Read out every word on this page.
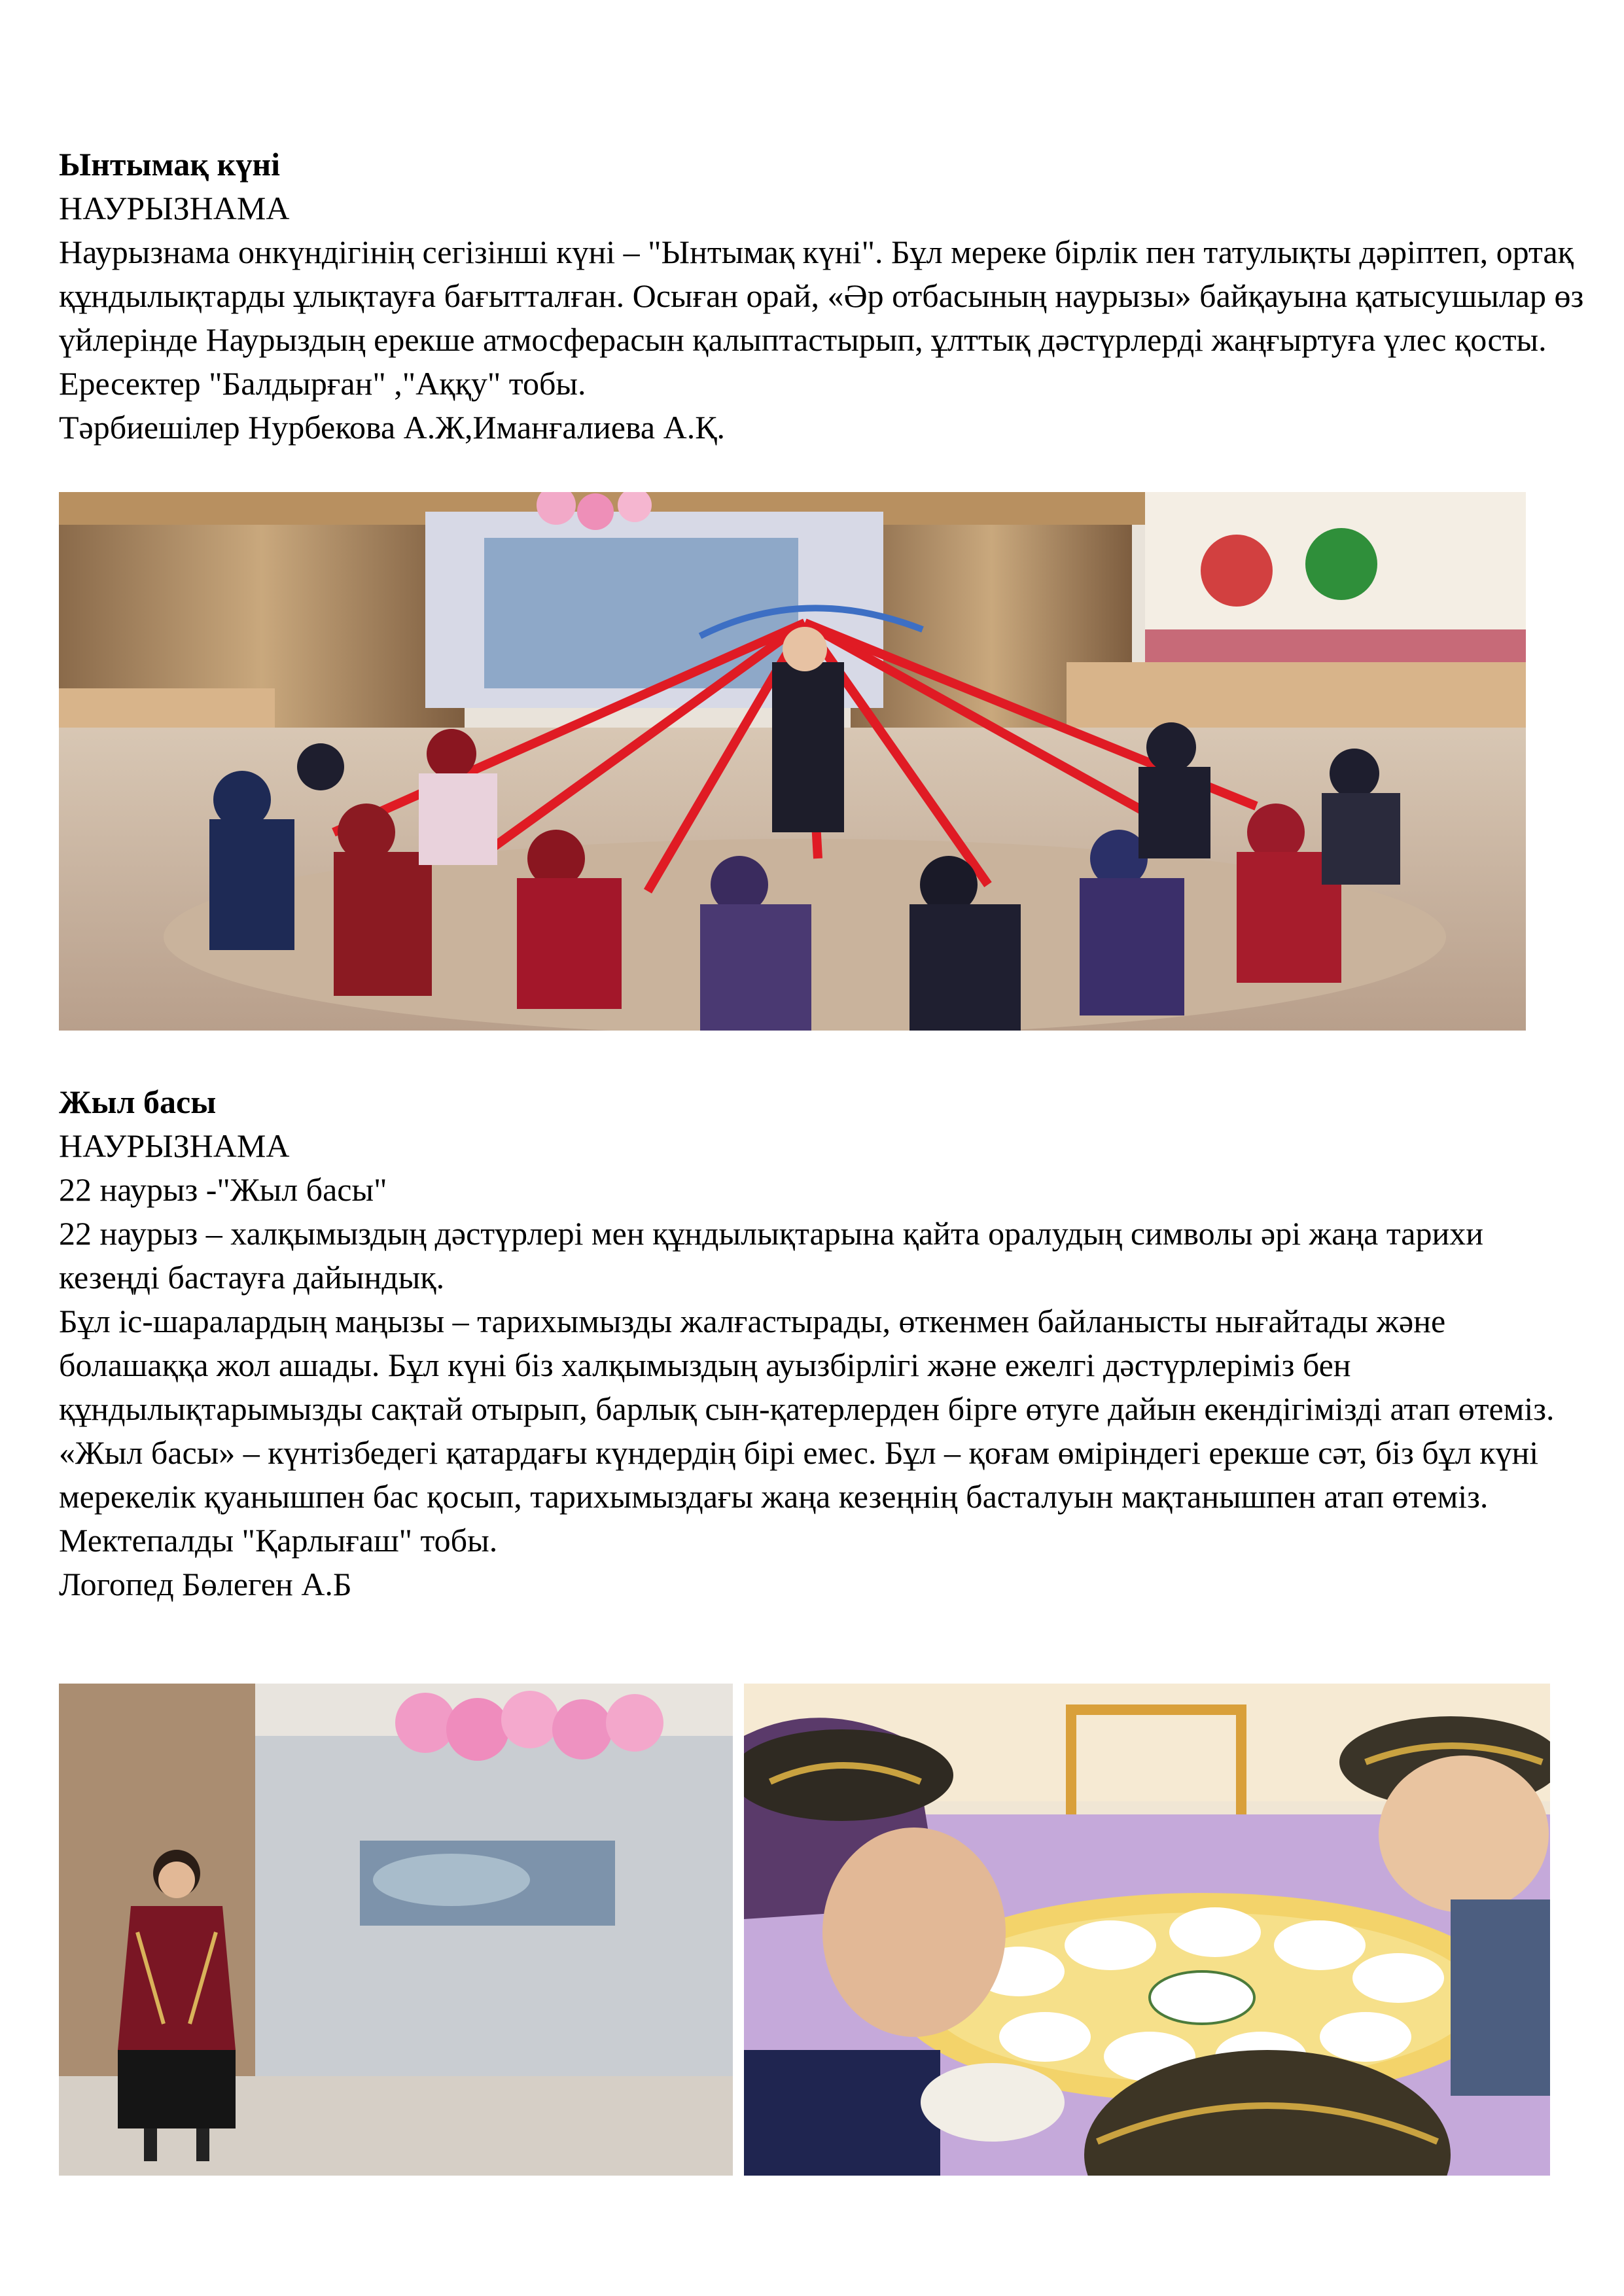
Ынтымақ күні

НАУРЫЗНАМА

Наурызнама онкүндігінің сегізінші күні – "Ынтымақ күні". Бұл мереке бірлік пен татулықты дәріптеп, ортақ құндылықтарды ұлықтауға бағытталған. Осыған орай, «Әр отбасының наурызы» байқауына қатысушылар өз үйлерінде Наурыздың ерекше атмосферасын қалыптастырып, ұлттық дәстүрлерді жаңғыртуға үлес қосты.

Ересектер "Балдырған" ,"Аққу" тобы.

Тәрбиешілер Нурбекова А.Ж,Иманғалиева А.Қ.

Жыл басы

НАУРЫЗНАМА

22 наурыз -"Жыл басы"

22 наурыз – халқымыздың дәстүрлері мен құндылықтарына қайта оралудың символы әрі жаңа тарихи кезеңді бастауға дайындық.

Бұл іс-шаралардың маңызы – тарихымызды жалғастырады, өткенмен байланысты нығайтады және болашаққа жол ашады. Бұл күні біз халқымыздың ауызбірлігі және ежелгі дәстүрлеріміз бен құндылықтарымызды сақтай отырып, барлық сын-қатерлерден бірге өтуге дайын екендігімізді атап өтеміз.

«Жыл басы» – күнтізбедегі қатардағы күндердің бірі емес. Бұл – қоғам өміріндегі ерекше сәт, біз бұл күні мерекелік қуанышпен бас қосып, тарихымыздағы жаңа кезеңнің басталуын мақтанышпен атап өтеміз.

Мектепалды "Қарлығаш" тобы.

Логопед Бөлеген А.Б
